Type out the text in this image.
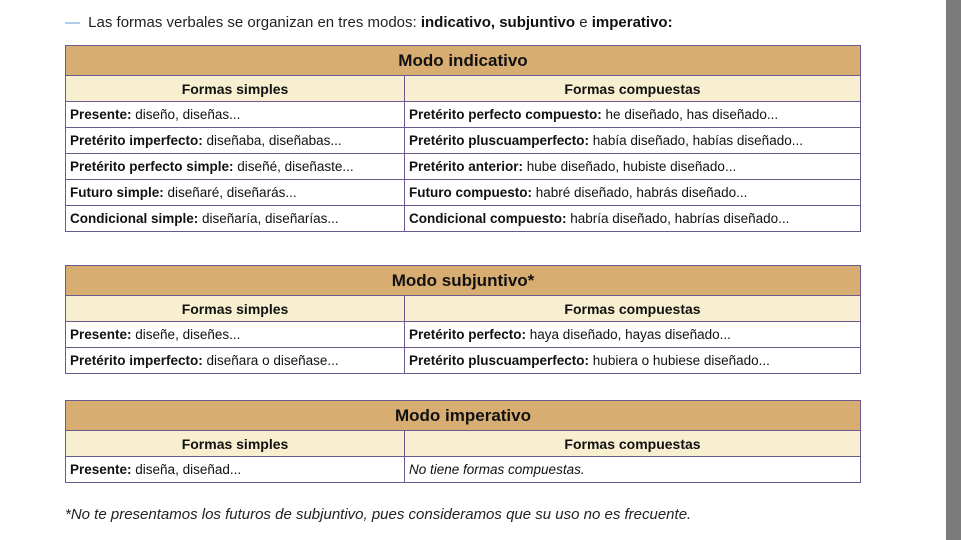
— Las formas verbales se organizan en tres modos: indicativo, subjuntivo e imperativo:
Modo indicativo	
Formas simples	Formas compuestas
Presente: diseño, diseñas...	Pretérito perfecto compuesto: he diseñado, has diseñado...
Pretérito imperfecto: diseñaba, diseñabas...	Pretérito pluscuamperfecto: había diseñado, habías diseñado...
Pretérito perfecto simple: diseñé, diseñaste...	Pretérito anterior: hube diseñado, hubiste diseñado...
Futuro simple: diseñaré, diseñarás...	Futuro compuesto: habré diseñado, habrás diseñado...
Condicional simple: diseñaría, diseñarías...	Condicional compuesto: habría diseñado, habrías diseñado...
Modo subjuntivo*	
Formas simples	Formas compuestas
Presente: diseñe, diseñes...	Pretérito perfecto: haya diseñado, hayas diseñado...
Pretérito imperfecto: diseñara o diseñase...	Pretérito pluscuamperfecto: hubiera o hubiese diseñado...
Modo imperativo	
Formas simples	Formas compuestas
Presente: diseña, diseñad...	No tiene formas compuestas.
*No te presentamos los futuros de subjuntivo, pues consideramos que su uso no es frecuente.
